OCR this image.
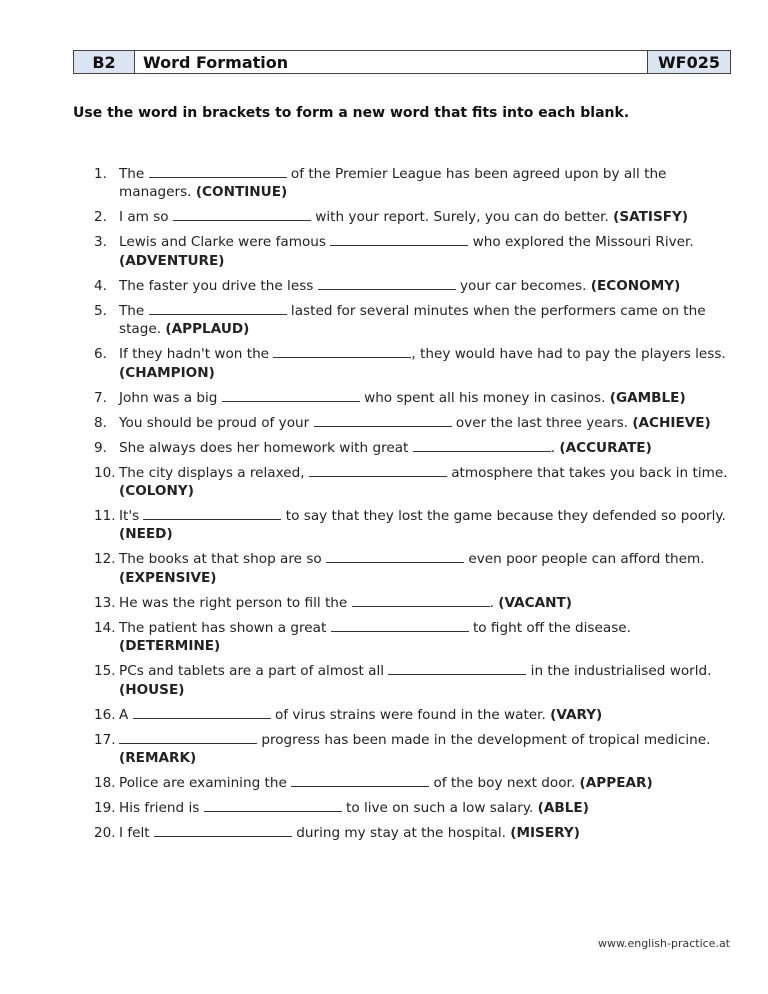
B2	Word Formation	WF025
Use the word in brackets to form a new word that fits into each blank.
1. The	of the Premier League has been agreed upon by all the managers. (CONTINUE)
2. I am so	with your report. Surely, you can do better. (SATISFY)
3. Lewis and Clarke were famous	who explored the Missouri River. (ADVENTURE)
4. The faster you drive the less	your car becomes. (ECONOMY)
5. The	lasted for several minutes when the performers came on the stage. (APPLAUD)
6. If they hadn't won the	, they would have had to pay the players less. (CHAMPION)
7. John was a big	who spent all his money in casinos. (GAMBLE)
8. You should be proud of your	over the last three years. (ACHIEVE)
9. She always does her homework with great	. (ACCURATE)
10. The city displays a relaxed,	atmosphere that takes you back in time. (COLONY)
11. It's	to say that they lost the game because they defended so poorly. (NEED)
12. The books at that shop are so	even poor people can afford them. (EXPENSIVE)
13. He was the right person to fill the	. (VACANT)
14. The patient has shown a great	to fight off the disease. (DETERMINE)
15. PCs and tablets are a part of almost all	in the industrialised world. (HOUSE)
16. A	of virus strains were found in the water. (VARY)
17.	progress has been made in the development of tropical medicine. (REMARK)
18. Police are examining the	of the boy next door. (APPEAR)
19. His friend is	to live on such a low salary. (ABLE)
20. I felt	during my stay at the hospital. (MISERY)
www.english-practice.at
